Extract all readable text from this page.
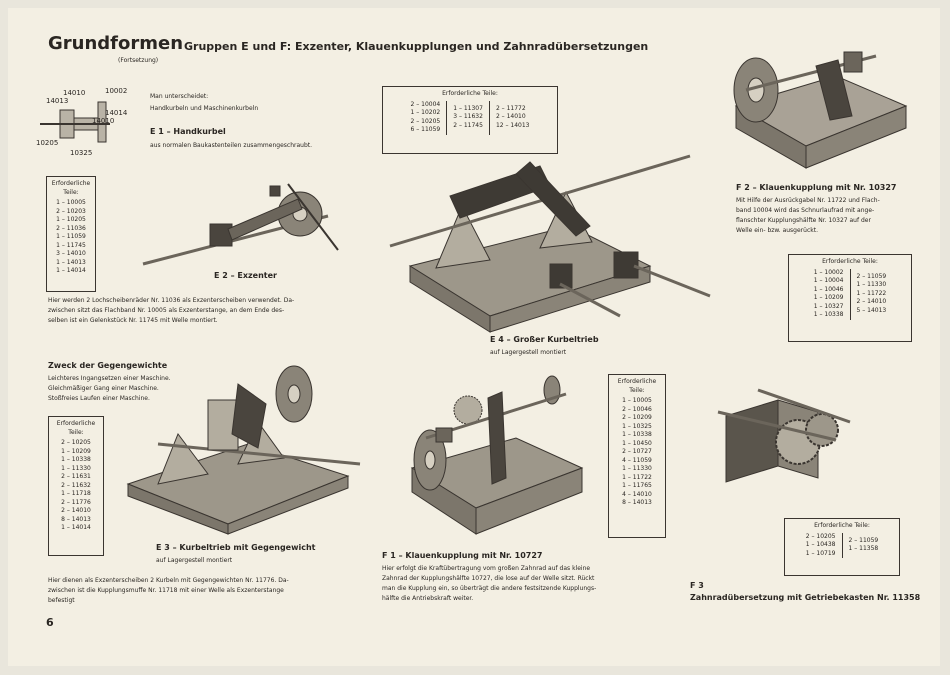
Grundformen
(Fortsetzung)
Gruppen E und F: Exzenter, Klauenkupplungen und Zahnradübersetzungen
14010
14013
10002
14014
14010
10205
10325
Man unterscheidet:
Handkurbeln und Maschinenkurbeln
E 1 – Handkurbel
aus normalen Baukastenteilen zusammengeschraubt.
Erforderliche
Teile:
1 – 10005
2 – 10203
1 – 10205
2 – 11036
1 – 11059
1 – 11745
3 – 14010
1 – 14013
1 – 14014
E 2 – Exzenter
Hier werden 2 Lochscheibenräder Nr. 11036 als Exzenterscheiben verwendet. Da-
zwischen sitzt das Flachband Nr. 10005 als Exzenterstange, an dem Ende des-
selben ist ein Gelenkstück Nr. 11745 mit Welle montiert.
Erforderliche Teile:
2 – 10004
1 – 10202
2 – 10205
6 – 11059

1 – 11307
3 – 11632
2 – 11745

2 – 11772
2 – 14010
12 – 14013
E 4 – Großer Kurbeltrieb
auf Lagergestell montiert
F 2 – Klauenkupplung mit Nr. 10327
Mit Hilfe der Ausrückgabel Nr. 11722 und Flach-
band 10004 wird das Schnurlaufrad mit ange-
flanschter Kupplungshälfte Nr. 10327 auf der
Welle ein- bzw. ausgerückt.
Erforderliche Teile:
1 – 10002
1 – 10004
1 – 10046
1 – 10209
1 – 10327
1 – 10338

2 – 11059
1 – 11330
1 – 11722
2 – 14010
5 – 14013
Zweck der Gegengewichte
Leichteres Ingangsetzen einer Maschine.
Gleichmäßiger Gang einer Maschine.
Stoßfreies Laufen einer Maschine.
Erforderliche
Teile:
2 – 10205
1 – 10209
1 – 10338
1 – 11330
2 – 11631
2 – 11632
1 – 11718
2 – 11776
2 – 14010
8 – 14013
1 – 14014
E 3 – Kurbeltrieb mit Gegengewicht
auf Lagergestell montiert
Hier dienen als Exzenterscheiben 2 Kurbeln mit Gegengewichten Nr. 11776. Da-
zwischen ist die Kupplungsmuffe Nr. 11718 mit einer Welle als Exzenterstange
befestigt
Erforderliche
Teile:
1 – 10005
2 – 10046
2 – 10209
1 – 10325
1 – 10338
1 – 10450
2 – 10727
4 – 11059
1 – 11330
1 – 11722
1 – 11765
4 – 14010
8 – 14013
F 1 – Klauenkupplung mit Nr. 10727
Hier erfolgt die Kraftübertragung vom großen Zahnrad auf das kleine
Zahnrad der Kupplungshälfte 10727, die lose auf der Welle sitzt. Rückt
man die Kupplung ein, so überträgt die andere festsitzende Kupplungs-
hälfte die Antriebskraft weiter.
Erforderliche Teile:
2 – 10205
1 – 10438
1 – 10719

2 – 11059
1 – 11358
F 3
Zahnradübersetzung mit Getriebekasten Nr. 11358
6
